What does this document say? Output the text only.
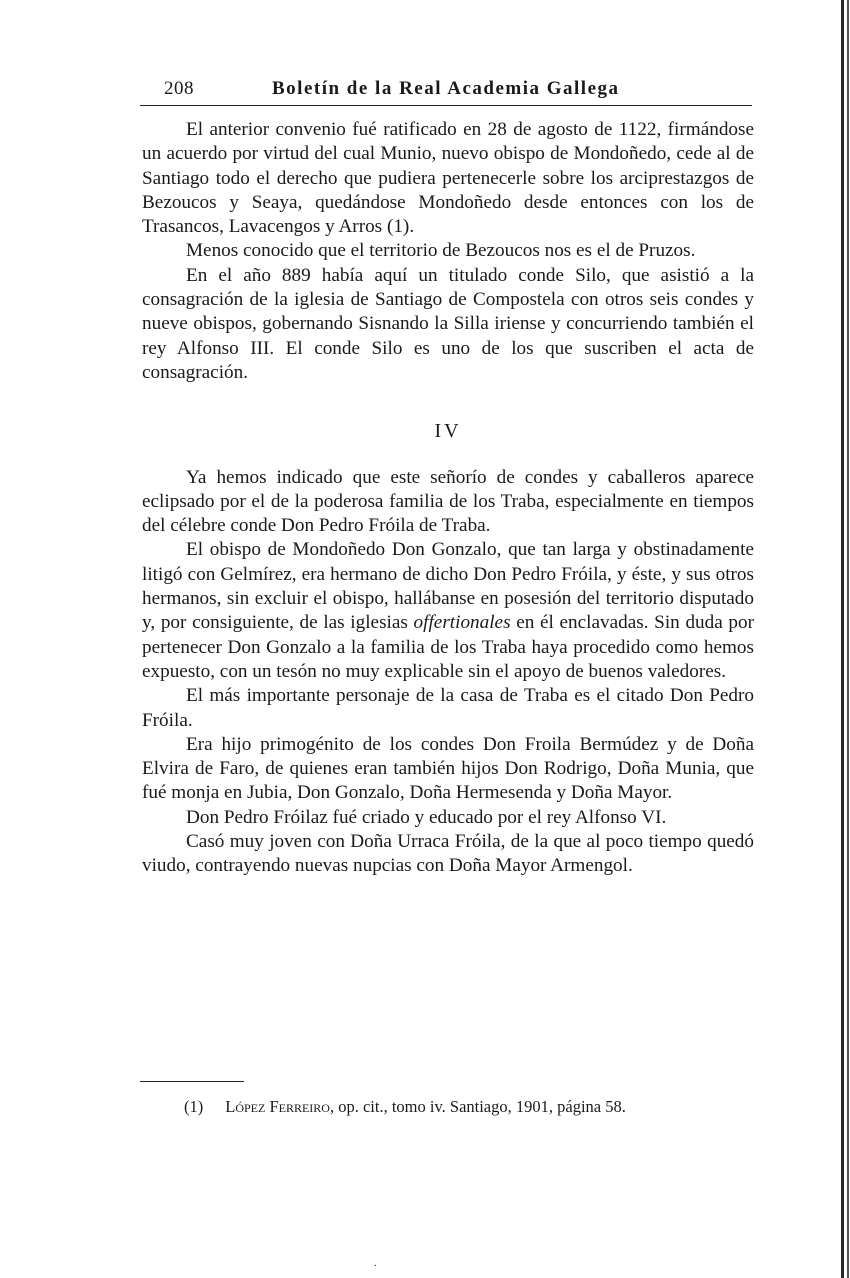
208	Boletín de la Real Academia Gallega

El anterior convenio fué ratificado en 28 de agosto de 1122, firmándose un acuerdo por virtud del cual Munio, nuevo obispo de Mondoñedo, cede al de Santiago todo el derecho que pudiera pertenecerle sobre los arciprestazgos de Bezoucos y Seaya, quedándose Mondoñedo desde entonces con los de Trasancos, Lavacengos y Arros (1).

Menos conocido que el territorio de Bezoucos nos es el de Pruzos.

En el año 889 había aquí un titulado conde Silo, que asistió a la consagración de la iglesia de Santiago de Compostela con otros seis condes y nueve obispos, gobernando Sisnando la Silla iriense y concurriendo también el rey Alfonso III. El conde Silo es uno de los que suscriben el acta de consagración.

IV

Ya hemos indicado que este señorío de condes y caballeros aparece eclipsado por el de la poderosa familia de los Traba, especialmente en tiempos del célebre conde Don Pedro Fróila de Traba.

El obispo de Mondoñedo Don Gonzalo, que tan larga y obstinadamente litigó con Gelmírez, era hermano de dicho Don Pedro Fróila, y éste, y sus otros hermanos, sin excluir el obispo, hallábanse en posesión del territorio disputado y, por consiguiente, de las iglesias offertionales en él enclavadas. Sin duda por pertenecer Don Gonzalo a la familia de los Traba haya procedido como hemos expuesto, con un tesón no muy explicable sin el apoyo de buenos valedores.

El más importante personaje de la casa de Traba es el citado Don Pedro Fróila.

Era hijo primogénito de los condes Don Froila Bermúdez y de Doña Elvira de Faro, de quienes eran también hijos Don Rodrigo, Doña Munia, que fué monja en Jubia, Don Gonzalo, Doña Hermesenda y Doña Mayor.

Don Pedro Fróilaz fué criado y educado por el rey Alfonso VI.

Casó muy joven con Doña Urraca Fróila, de la que al poco tiempo quedó viudo, contrayendo nuevas nupcias con Doña Mayor Armengol.

(1) López Ferreiro, op. cit., tomo iv. Santiago, 1901, página 58.
.
